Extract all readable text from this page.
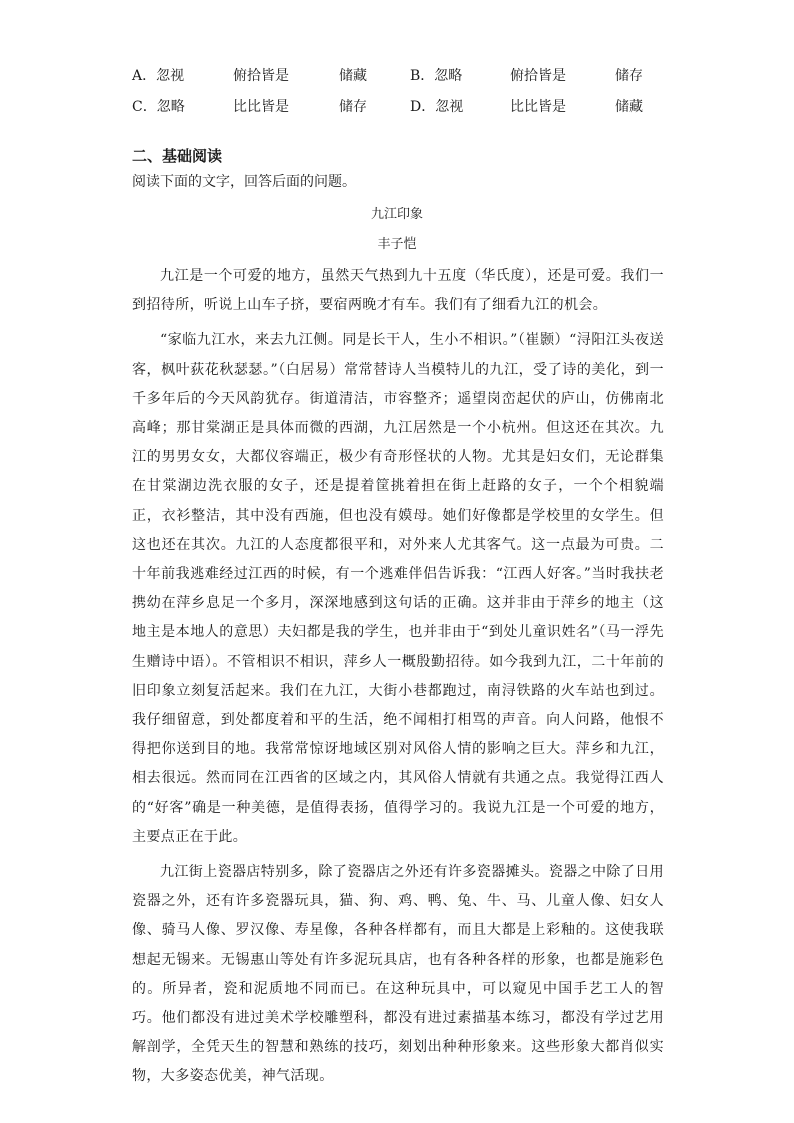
A．忽视	俯拾皆是	储藏	B．忽略	俯拾皆是	储存
C．忽略	比比皆是	储存	D．忽视	比比皆是	储藏
二、基础阅读
阅读下面的文字，回答后面的问题。
九江印象
丰子恺

九江是一个可爱的地方，虽然天气热到九十五度（华氏度），还是可爱。我们一到招待所，听说上山车子挤，要宿两晚才有车。我们有了细看九江的机会。

“家临九江水，来去九江侧。同是长干人，生小不相识。”（崔颢）“浔阳江头夜送客，枫叶荻花秋瑟瑟。”（白居易）常常替诗人当模特儿的九江，受了诗的美化，到一千多年后的今天风韵犹存。街道清洁，市容整齐；遥望岗峦起伏的庐山，仿佛南北高峰；那甘棠湖正是具体而微的西湖，九江居然是一个小杭州。但这还在其次。九江的男男女女，大都仪容端正，极少有奇形怪状的人物。尤其是妇女们，无论群集在甘棠湖边洗衣服的女子，还是提着筐挑着担在街上赶路的女子，一个个相貌端正，衣衫整洁，其中没有西施，但也没有嫫母。她们好像都是学校里的女学生。但这也还在其次。九江的人态度都很平和，对外来人尤其客气。这一点最为可贵。二十年前我逃难经过江西的时候，有一个逃难伴侣告诉我：“江西人好客。”当时我扶老携幼在萍乡息足一个多月，深深地感到这句话的正确。这并非由于萍乡的地主（这地主是本地人的意思）夫妇都是我的学生，也并非由于“到处儿童识姓名”（马一浮先生赠诗中语）。不管相识不相识，萍乡人一概殷勤招待。如今我到九江，二十年前的旧印象立刻复活起来。我们在九江，大街小巷都跑过，南浔铁路的火车站也到过。我仔细留意，到处都度着和平的生活，绝不闻相打相骂的声音。向人问路，他恨不得把你送到目的地。我常常惊讶地域区别对风俗人情的影响之巨大。萍乡和九江，相去很远。然而同在江西省的区域之内，其风俗人情就有共通之点。我觉得江西人的“好客”确是一种美德，是值得表扬，值得学习的。我说九江是一个可爱的地方，主要点正在于此。

九江街上瓷器店特别多，除了瓷器店之外还有许多瓷器摊头。瓷器之中除了日用瓷器之外，还有许多瓷器玩具，猫、狗、鸡、鸭、兔、牛、马、儿童人像、妇女人像、骑马人像、罗汉像、寿星像，各种各样都有，而且大都是上彩釉的。这使我联想起无锡来。无锡惠山等处有许多泥玩具店，也有各种各样的形象，也都是施彩色的。所异者，瓷和泥质地不同而已。在这种玩具中，可以窥见中国手艺工人的智巧。他们都没有进过美术学校雕塑科，都没有进过素描基本练习，都没有学过艺用解剖学，全凭天生的智慧和熟练的技巧，刻划出种种形象来。这些形象大都肖似实物，大多姿态优美，神气活现。
